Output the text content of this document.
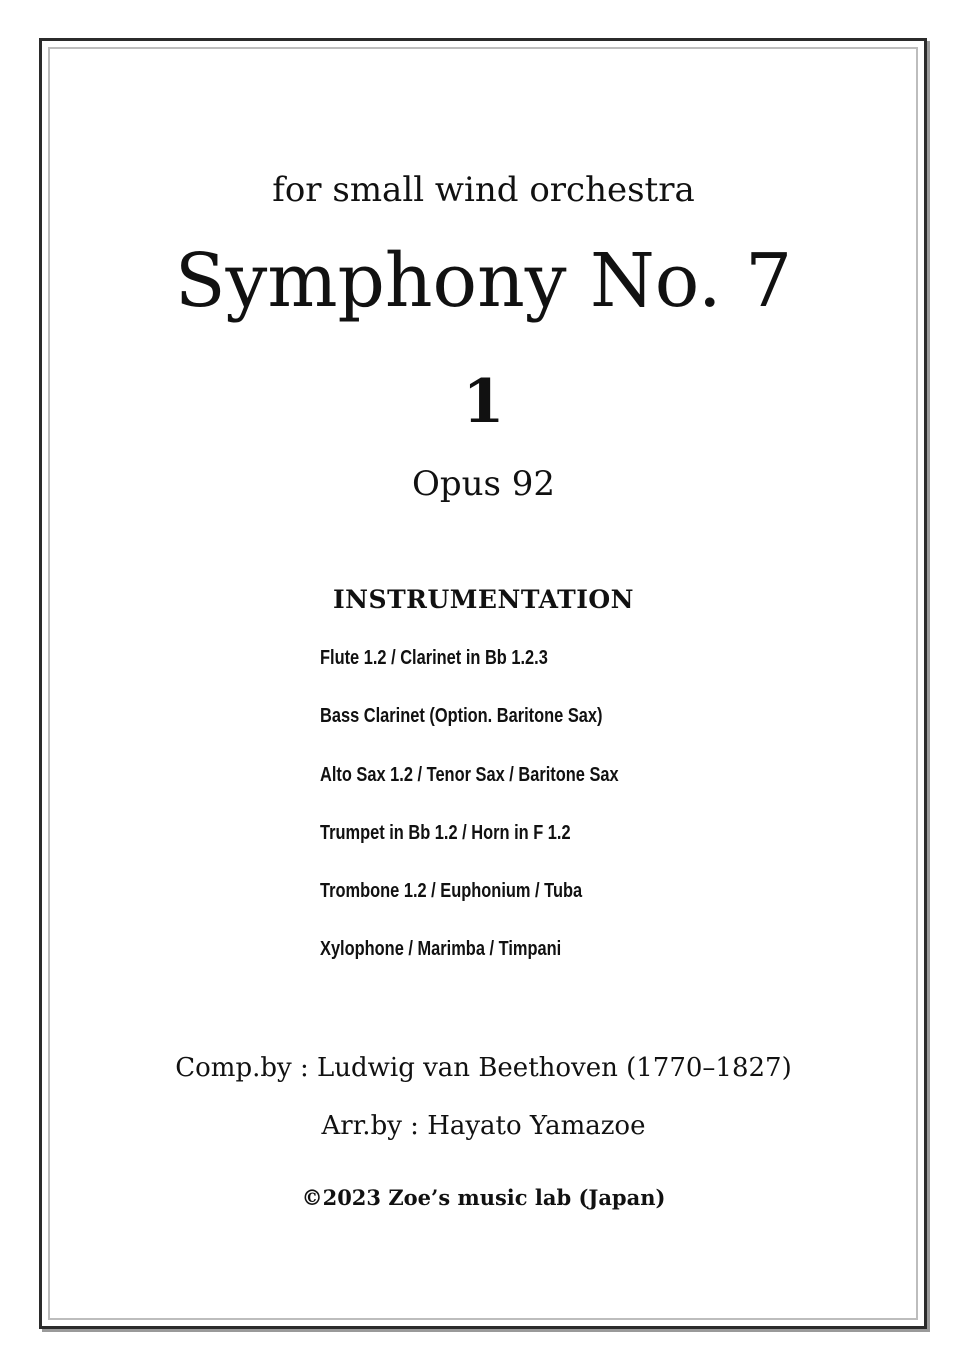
for small wind orchestra
Symphony No. 7
1
Opus 92
INSTRUMENTATION
Flute 1.2 / Clarinet in Bb 1.2.3
Bass Clarinet (Option. Baritone Sax)
Alto Sax 1.2 / Tenor Sax / Baritone Sax
Trumpet in Bb 1.2 / Horn in F 1.2
Trombone 1.2 / Euphonium / Tuba
Xylophone / Marimba / Timpani
Comp.by : Ludwig van Beethoven (1770–1827)
Arr.by : Hayato Yamazoe
©2023 Zoe’s music lab (Japan)
